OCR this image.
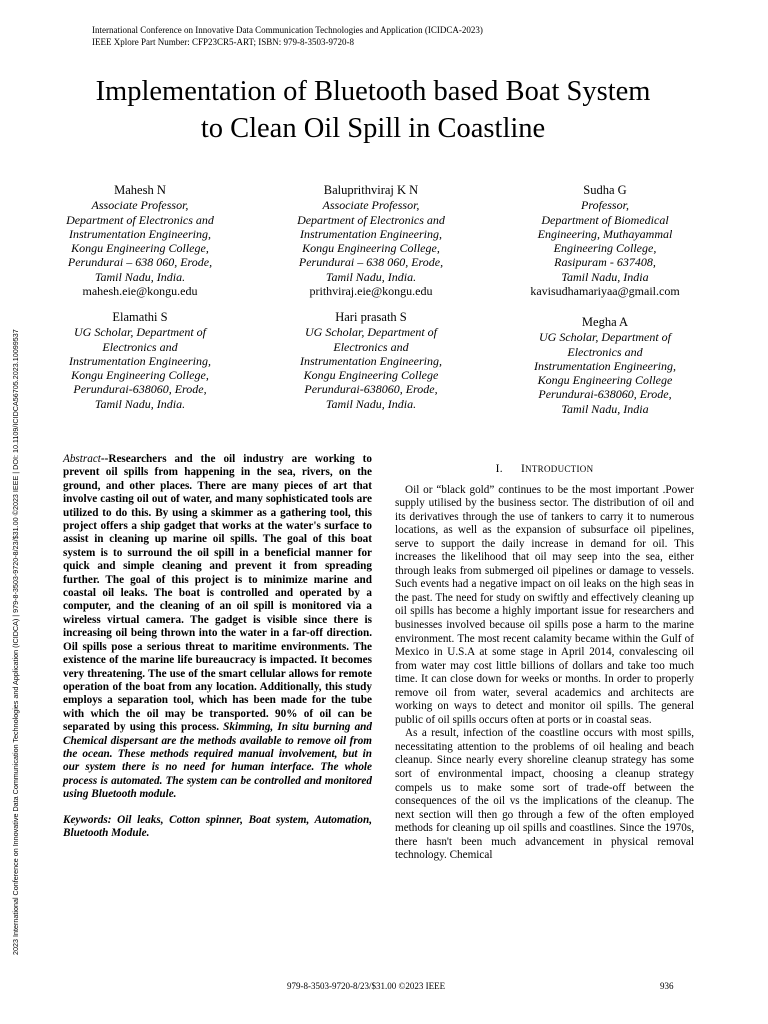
International Conference on Innovative Data Communication Technologies and Application (ICIDCA-2023)
IEEE Xplore Part Number: CFP23CR5-ART; ISBN: 979-8-3503-9720-8
2023 International Conference on Innovative Data Communication Technologies and Application (ICIDCA) | 979-8-3503-9720-8/23/$31.00 ©2023 IEEE | DOI: 10.1109/ICIDCA56705.2023.10099537
Implementation of Bluetooth based Boat System
to Clean Oil Spill in Coastline
Mahesh N
Associate Professor,
Department of Electronics and
Instrumentation Engineering,
Kongu Engineering College,
Perundurai – 638 060, Erode,
Tamil Nadu, India.
mahesh.eie@kongu.edu
Baluprithviraj K N
Associate Professor,
Department of Electronics and
Instrumentation Engineering,
Kongu Engineering College,
Perundurai – 638 060, Erode,
Tamil Nadu, India.
prithviraj.eie@kongu.edu
Sudha G
Professor,
Department of Biomedical
Engineering, Muthayammal
Engineering College,
Rasipuram - 637408,
Tamil Nadu, India
kavisudhamariyaa@gmail.com
Elamathi S
UG Scholar, Department of
Electronics and
Instrumentation Engineering,
Kongu Engineering College,
Perundurai-638060, Erode,
Tamil Nadu, India.
Hari prasath S
UG Scholar, Department of
Electronics and
Instrumentation Engineering,
Kongu Engineering College
Perundurai-638060, Erode,
Tamil Nadu, India.
Megha A
UG Scholar, Department of
Electronics and
Instrumentation Engineering,
Kongu Engineering College
Perundurai-638060, Erode,
Tamil Nadu, India

Abstract--Researchers and the oil industry are working to prevent oil spills from happening in the sea, rivers, on the ground, and other places. There are many pieces of art that involve casting oil out of water, and many sophisticated tools are utilized to do this. By using a skimmer as a gathering tool, this project offers a ship gadget that works at the water's surface to assist in cleaning up marine oil spills. The goal of this boat system is to surround the oil spill in a beneficial manner for quick and simple cleaning and prevent it from spreading further. The goal of this project is to minimize marine and coastal oil leaks. The boat is controlled and operated by a computer, and the cleaning of an oil spill is monitored via a wireless virtual camera. The gadget is visible since there is increasing oil being thrown into the water in a far-off direction. Oil spills pose a serious threat to maritime environments. The existence of the marine life bureaucracy is impacted. It becomes very threatening. The use of the smart cellular allows for remote operation of the boat from any location. Additionally, this study employs a separation tool, which has been made for the tube with which the oil may be transported. 90% of oil can be separated by using this process. Skimming, In situ burning and Chemical dispersant are the methods available to remove oil from the ocean. These methods required manual involvement, but in our system there is no need for human interface. The whole process is automated. The system can be controlled and monitored using Bluetooth module.

Keywords: Oil leaks, Cotton spinner, Boat system, Automation, Bluetooth Module.

I. INTRODUCTION

Oil or “black gold” continues to be the most important .Power supply utilised by the business sector. The distribution of oil and its derivatives through the use of tankers to carry it to numerous locations, as well as the expansion of subsurface oil pipelines, serve to support the daily increase in demand for oil. This increases the likelihood that oil may seep into the sea, either through leaks from submerged oil pipelines or damage to vessels. Such events had a negative impact on oil leaks on the high seas in the past. The need for study on swiftly and effectively cleaning up oil spills has become a highly important issue for researchers and businesses involved because oil spills pose a harm to the marine environment. The most recent calamity became within the Gulf of Mexico in U.S.A at some stage in April 2014, convalescing oil from water may cost little billions of dollars and take too much time. It can close down for weeks or months. In order to properly remove oil from water, several academics and architects are working on ways to detect and monitor oil spills. The general public of oil spills occurs often at ports or in coastal seas.

As a result, infection of the coastline occurs with most spills, necessitating attention to the problems of oil healing and beach cleanup. Since nearly every shoreline cleanup strategy has some sort of environmental impact, choosing a cleanup strategy compels us to make some sort of trade-off between the consequences of the oil vs the implications of the cleanup. The next section will then go through a few of the often employed methods for cleaning up oil spills and coastlines. Since the 1970s, there hasn't been much advancement in physical removal technology. Chemical

979-8-3503-9720-8/23/$31.00 ©2023 IEEE	936
